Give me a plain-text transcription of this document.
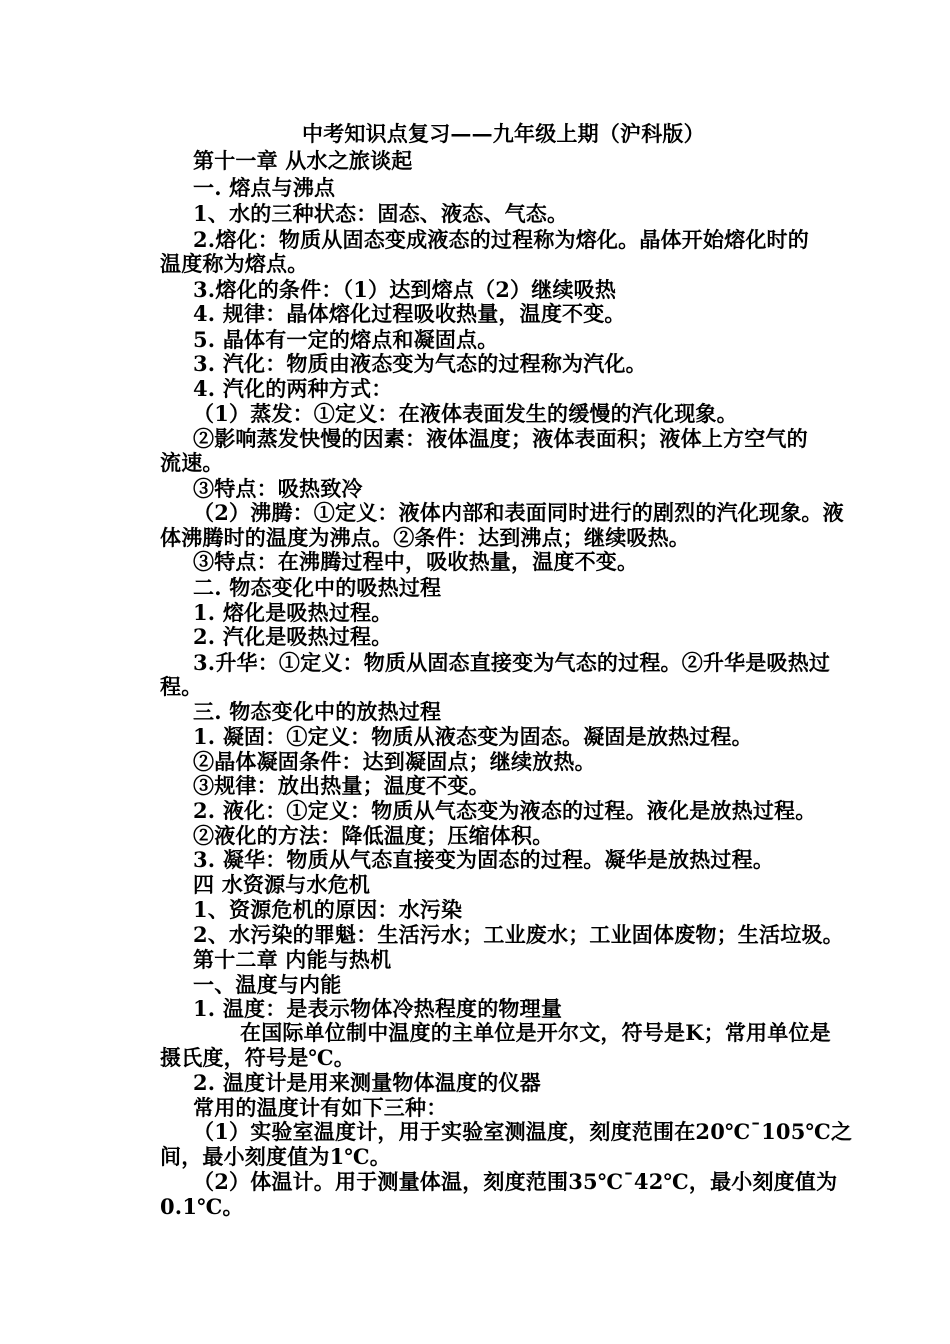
中考知识点复习——九年级上期（沪科版）
第十一章 从水之旅谈起
一. 熔点与沸点
1、水的三种状态：固态、液态、气态。
2.熔化：物质从固态变成液态的过程称为熔化。晶体开始熔化时的
温度称为熔点。
3.熔化的条件：（1）达到熔点（2）继续吸热
4. 规律：晶体熔化过程吸收热量，温度不变。
5. 晶体有一定的熔点和凝固点。
3. 汽化：物质由液态变为气态的过程称为汽化。
4. 汽化的两种方式：
（1）蒸发：①定义：在液体表面发生的缓慢的汽化现象。
②影响蒸发快慢的因素：液体温度；液体表面积；液体上方空气的
流速。
③特点：吸热致冷
（2）沸腾：①定义：液体内部和表面同时进行的剧烈的汽化现象。液
体沸腾时的温度为沸点。②条件：达到沸点；继续吸热。
③特点：在沸腾过程中，吸收热量，温度不变。
二. 物态变化中的吸热过程
1. 熔化是吸热过程。
2. 汽化是吸热过程。
3.升华：①定义：物质从固态直接变为气态的过程。②升华是吸热过
程。
三. 物态变化中的放热过程
1. 凝固：①定义：物质从液态变为固态。凝固是放热过程。
②晶体凝固条件：达到凝固点；继续放热。
③规律：放出热量；温度不变。
2. 液化：①定义：物质从气态变为液态的过程。液化是放热过程。
②液化的方法：降低温度；压缩体积。
3. 凝华：物质从气态直接变为固态的过程。凝华是放热过程。
四 水资源与水危机
1、资源危机的原因：水污染
2、水污染的罪魁：生活污水；工业废水；工业固体废物；生活垃圾。
第十二章 内能与热机
一、温度与内能
1. 温度：是表示物体冷热程度的物理量
在国际单位制中温度的主单位是开尔文，符号是K；常用单位是
摄氏度，符号是℃。
2. 温度计是用来测量物体温度的仪器
常用的温度计有如下三种：
（1）实验室温度计，用于实验室测温度，刻度范围在20℃¯105℃之
间，最小刻度值为1℃。
（2）体温计。用于测量体温，刻度范围35℃¯42℃，最小刻度值为
0.1℃。
